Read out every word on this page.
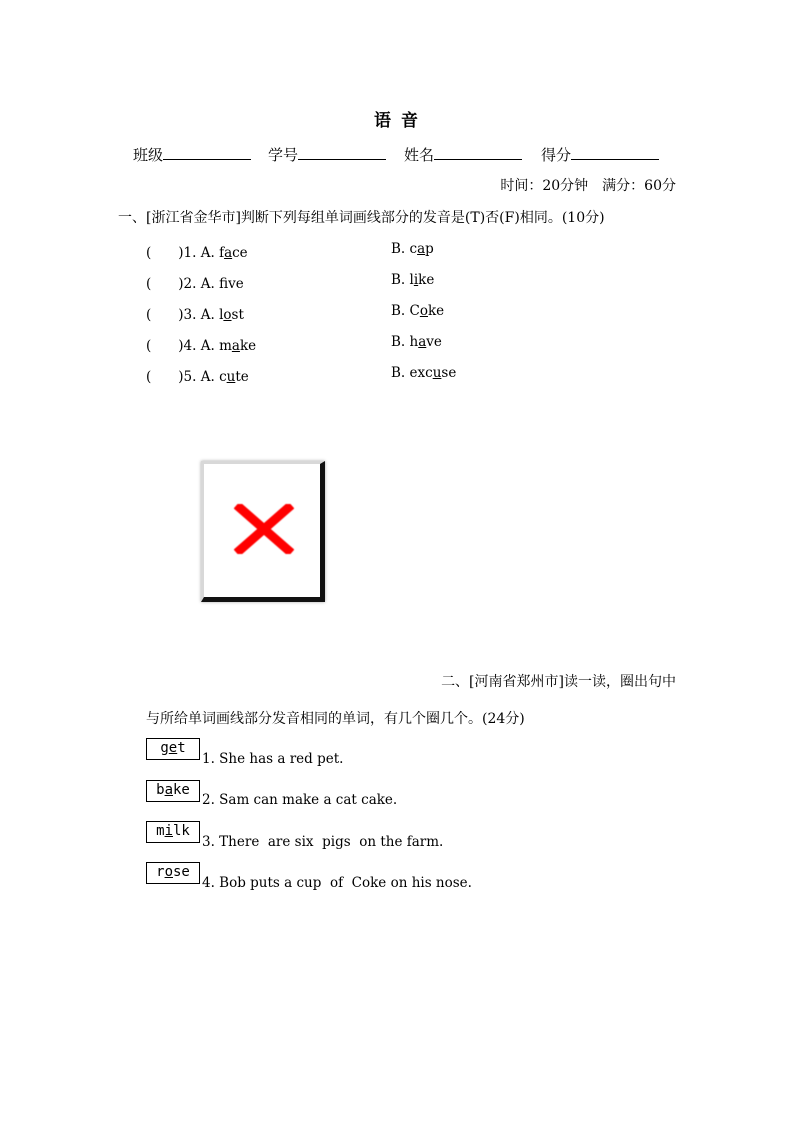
语 音
班级	学号	姓名	得分
时间：20分钟　满分：60分
一、[浙江省金华市]判断下列每组单词画线部分的发音是(T)否(F)相同。(10分)
(　　)1. A. face	B. cap
(　　)2. A. fve	B. like
(　　)3. A. lost	B. Coke
(　　)4. A. make	B. have
(　　)5. A. cute	B. excuse
二、[河南省郑州市]读一读，圈出句中
与所给单词画线部分发音相同的单词，有几个圈几个。(24分)
get
1. She has a red pet.
bake
2. Sam can make a cat cake.
milk
3. There  are six  pigs  on the farm.
rose
4. Bob puts a cup  of  Coke on his nose.
